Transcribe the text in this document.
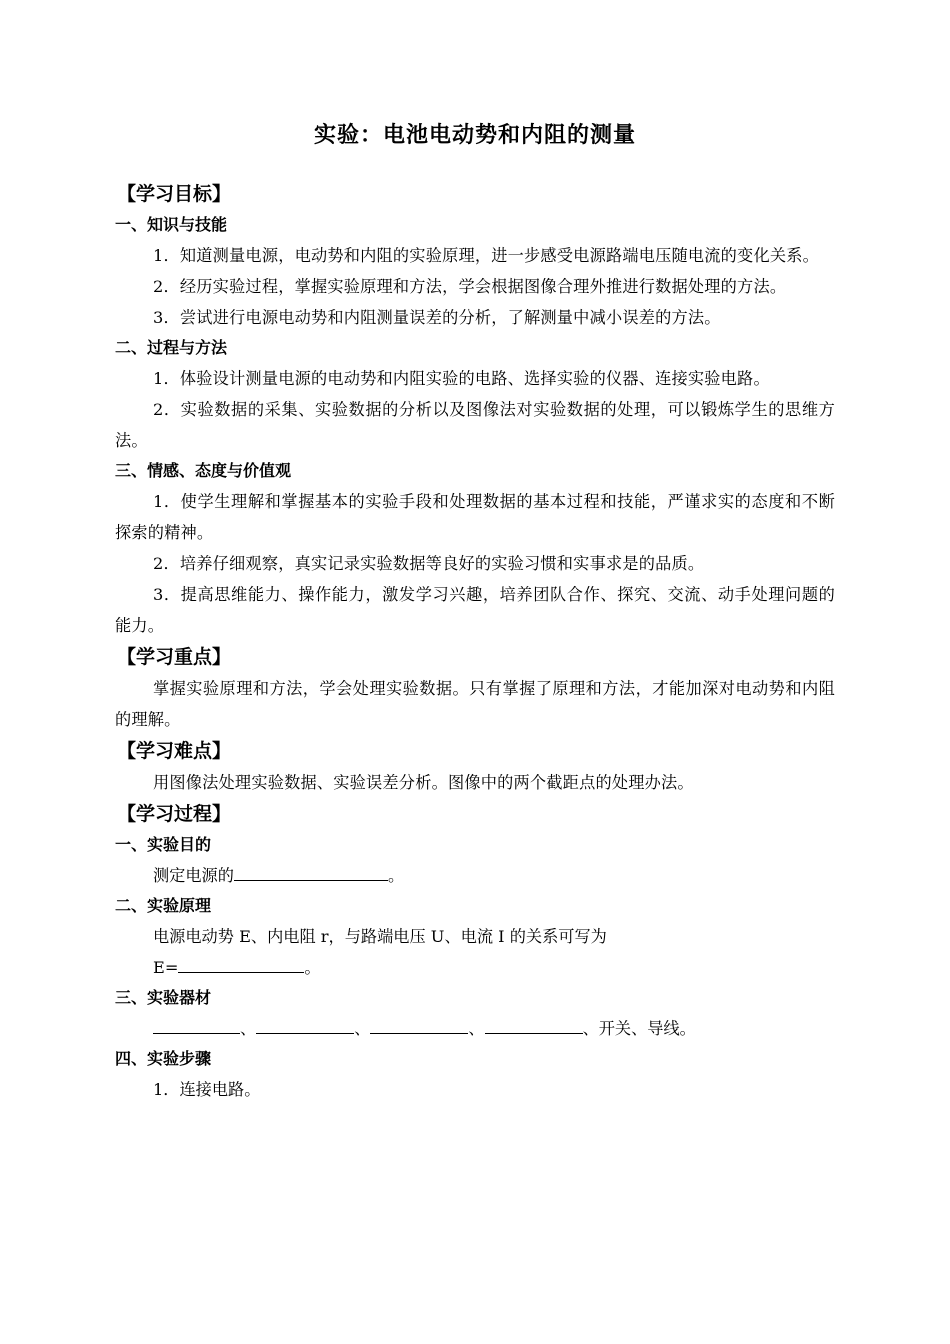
实验：电池电动势和内阻的测量
【学习目标】
一、知识与技能
1．知道测量电源，电动势和内阻的实验原理，进一步感受电源路端电压随电流的变化关系。
2．经历实验过程，掌握实验原理和方法，学会根据图像合理外推进行数据处理的方法。
3．尝试进行电源电动势和内阻测量误差的分析，了解测量中减小误差的方法。
二、过程与方法
1．体验设计测量电源的电动势和内阻实验的电路、选择实验的仪器、连接实验电路。
2．实验数据的采集、实验数据的分析以及图像法对实验数据的处理，可以锻炼学生的思维方法。
三、情感、态度与价值观
1．使学生理解和掌握基本的实验手段和处理数据的基本过程和技能，严谨求实的态度和不断探索的精神。
2．培养仔细观察，真实记录实验数据等良好的实验习惯和实事求是的品质。
3．提高思维能力、操作能力，激发学习兴趣，培养团队合作、探究、交流、动手处理问题的能力。
【学习重点】
掌握实验原理和方法，学会处理实验数据。只有掌握了原理和方法，才能加深对电动势和内阻的理解。
【学习难点】
用图像法处理实验数据、实验误差分析。图像中的两个截距点的处理办法。
【学习过程】
一、实验目的
测定电源的	。
二、实验原理
电源电动势 E、内电阻 r，与路端电压 U、电流 I 的关系可写为
E=	。
三、实验器材
、	、	、	、开关、导线。
四、实验步骤
1．连接电路。
